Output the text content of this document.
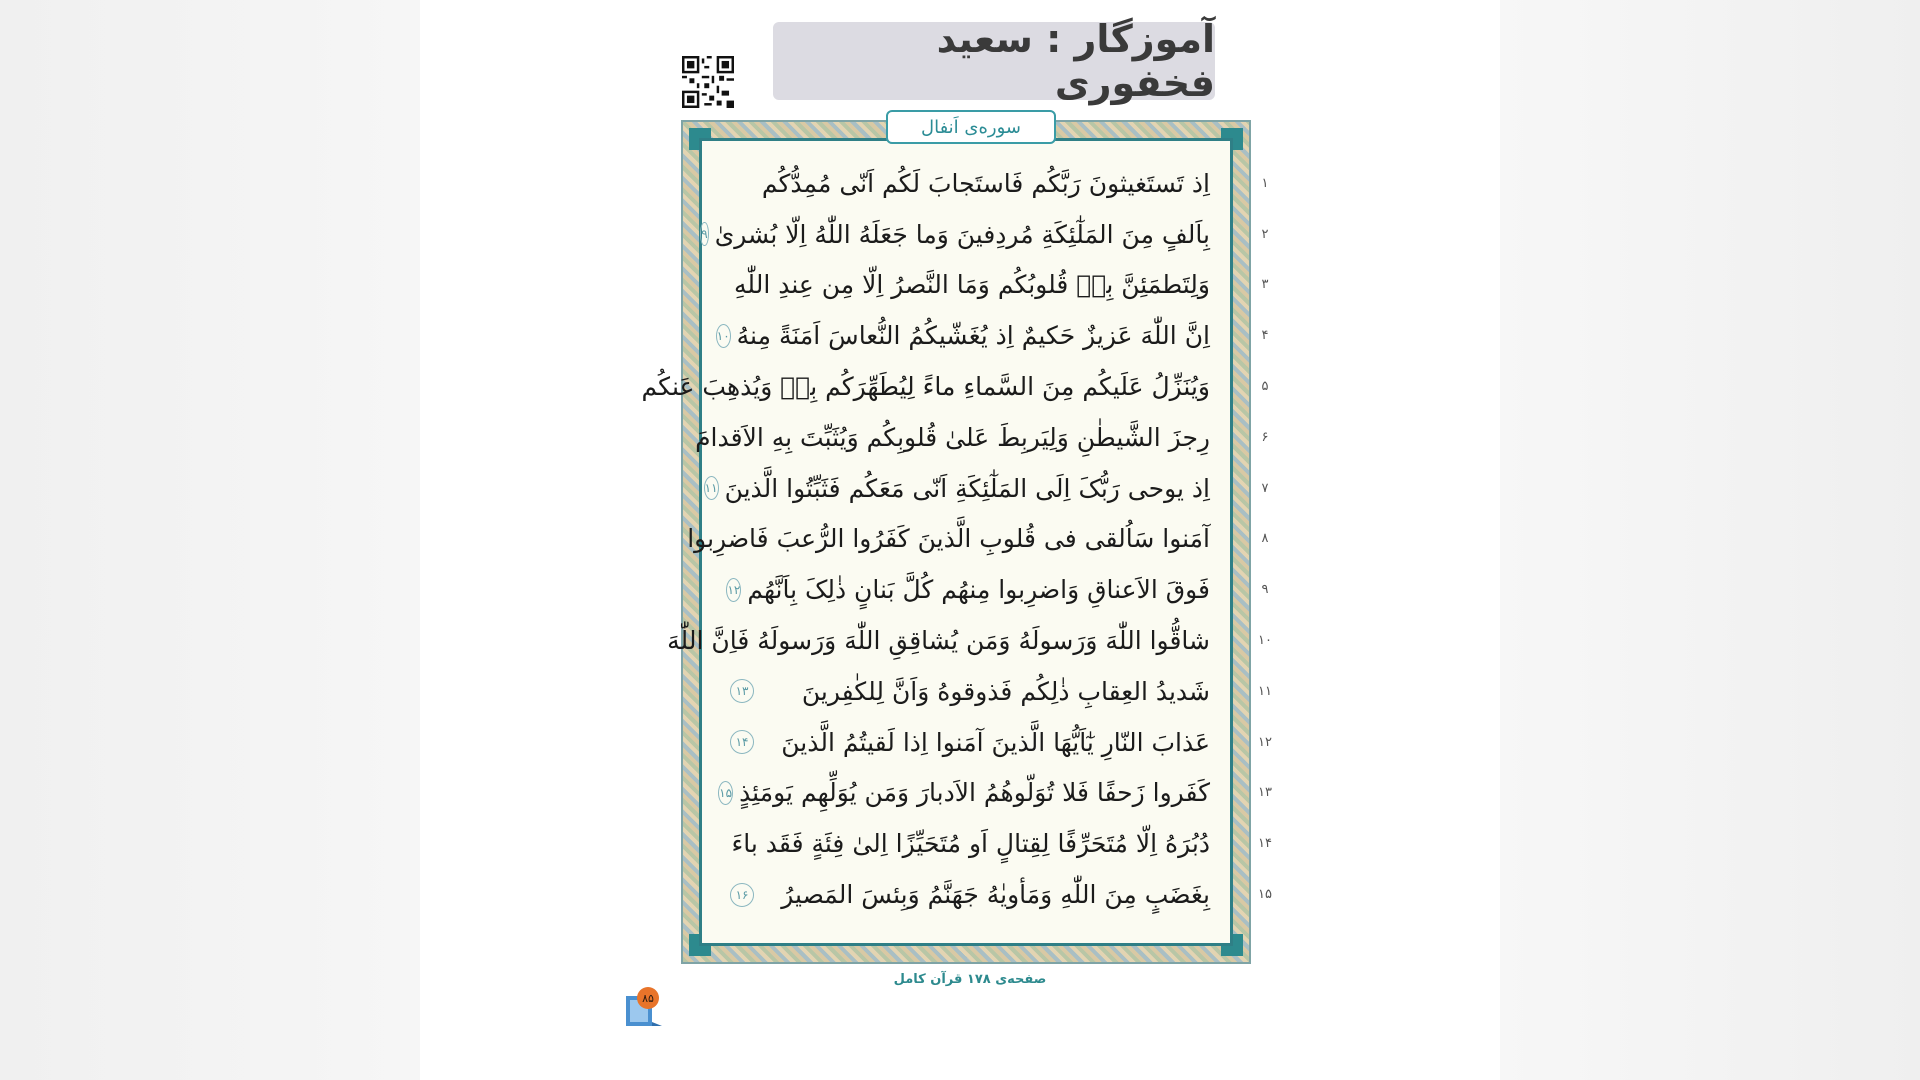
آموزگار : سعید فخفوری
سوره‌ی اَنفال
اِذ تَستَغیثونَ رَبَّکُم فَاستَجابَ لَکُم اَنّی مُمِدُّکُم
بِاَلفٍ مِنَ المَلٰٓئِکَةِ مُردِفینَ وَما جَعَلَهُ اللّٰهُ اِلّا بُشریٰ
۹
وَلِتَطمَئِنَّ بِهٖ قُلوبُکُم وَمَا النَّصرُ اِلّا مِن عِندِ اللّٰهِ
اِنَّ اللّٰهَ عَزیزٌ حَکیمٌ اِذ یُغَشّیکُمُ النُّعاسَ اَمَنَةً مِنهُ
۱۰
وَیُنَزِّلُ عَلَیکُم مِنَ السَّماءِ ماءً لِیُطَهِّرَکُم بِهٖ وَیُذهِبَ عَنکُم
رِجزَ الشَّیطٰنِ وَلِیَربِطَ عَلیٰ قُلوبِکُم وَیُثَبِّتَ بِهِ الاَقدامَ
اِذ یوحی رَبُّکَ اِلَی المَلٰٓئِکَةِ اَنّی مَعَکُم فَثَبِّتُوا الَّذینَ
۱۱
آمَنوا سَاُلقی فی قُلوبِ الَّذینَ کَفَرُوا الرُّعبَ فَاضرِبوا
فَوقَ الاَعناقِ وَاضرِبوا مِنهُم کُلَّ بَنانٍ ذٰلِکَ بِاَنَّهُم
۱۲
شاقُّوا اللّٰهَ وَرَسولَهُ وَمَن یُشاقِقِ اللّٰهَ وَرَسولَهُ فَاِنَّ اللّٰهَ
شَدیدُ العِقابِ ذٰلِکُم فَذوقوهُ وَاَنَّ لِلکٰفِرینَ
۱۳
عَذابَ النّارِ یٰٓاَیُّهَا الَّذینَ آمَنوا اِذا لَقیتُمُ الَّذینَ
۱۴
کَفَروا زَحفًا فَلا تُوَلّوهُمُ الاَدبارَ وَمَن یُوَلِّهِم یَومَئِذٍ
۱۵
دُبُرَهُ اِلّا مُتَحَرِّفًا لِقِتالٍ اَو مُتَحَیِّزًا اِلیٰ فِئَةٍ فَقَد باءَ
بِغَضَبٍ مِنَ اللّٰهِ وَمَأویٰهُ جَهَنَّمُ وَبِئسَ المَصیرُ
۱۶
۱
۲
۳
۴
۵
۶
۷
۸
۹
۱۰
۱۱
۱۲
۱۳
۱۴
۱۵
صفحه‌ی ۱۷۸ قرآن کامل
۸۵
